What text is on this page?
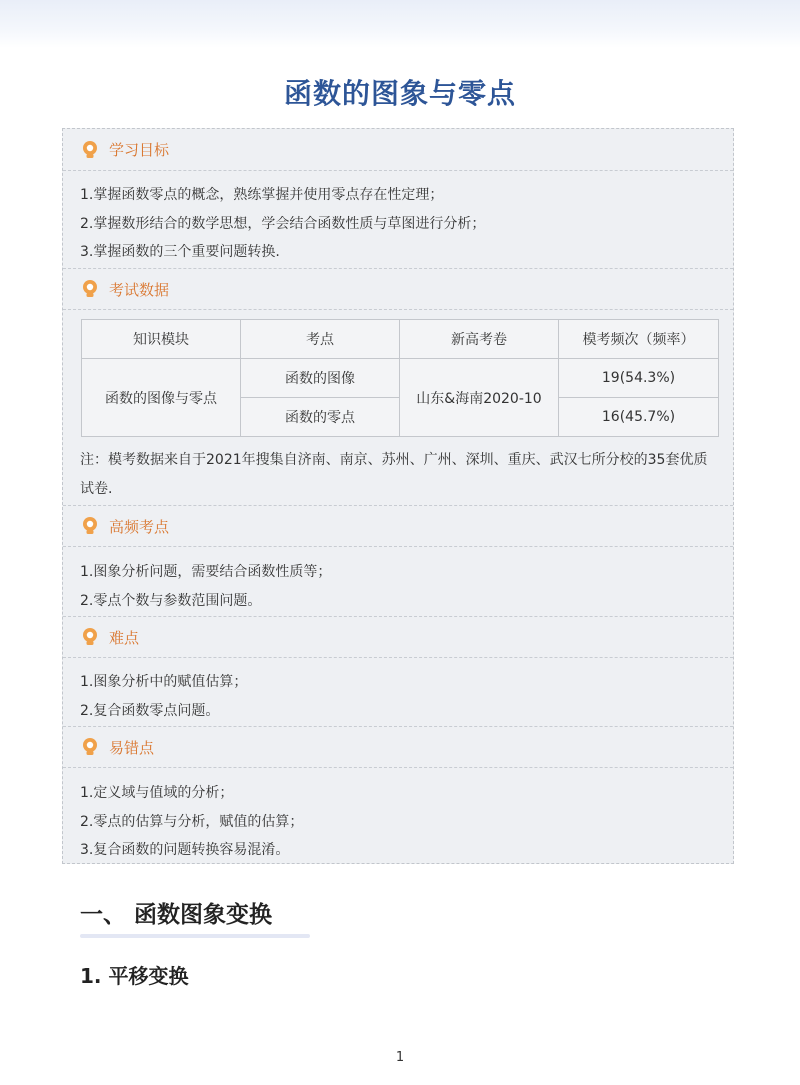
函数的图象与零点
学习目标
1.掌握函数零点的概念，熟练掌握并使用零点存在性定理；
2.掌握数形结合的数学思想，学会结合函数性质与草图进行分析；
3.掌握函数的三个重要问题转换.
考试数据
知识模块	考点	新高考卷	模考频次（频率）
函数的图像与零点	函数的图像	山东&海南2020-10	19(54.3%)
	函数的零点		16(45.7%)
注：模考数据来自于2021年搜集自济南、南京、苏州、广州、深圳、重庆、武汉七所分校的35套优质试卷.
高频考点
1.图象分析问题，需要结合函数性质等；
2.零点个数与参数范围问题。
难点
1.图象分析中的赋值估算；
2.复合函数零点问题。
易错点
1.定义域与值域的分析；
2.零点的估算与分析，赋值的估算；
3.复合函数的问题转换容易混淆。
一、 函数图象变换
1. 平移变换
1
